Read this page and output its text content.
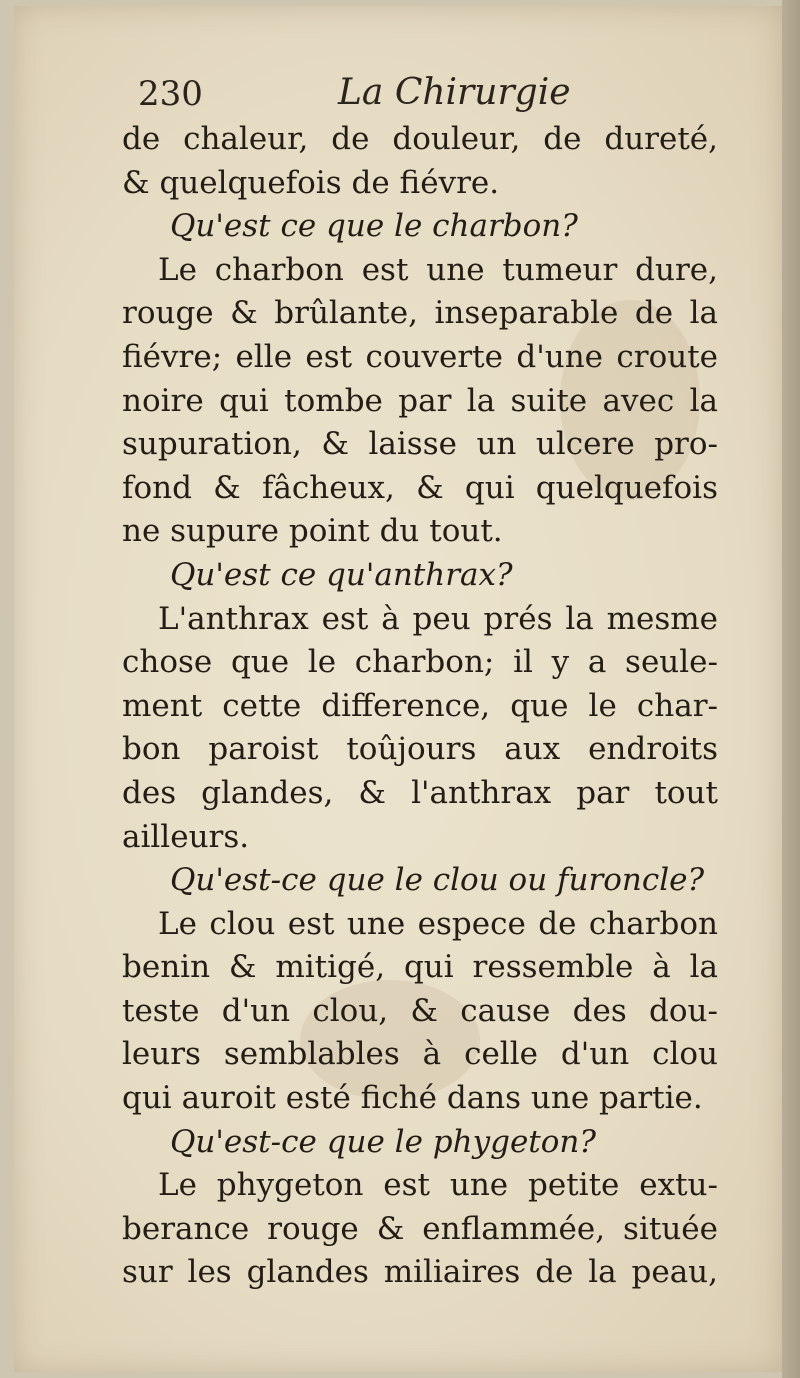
230	La Chirurgie
de chaleur, de douleur, de dureté,
& quelquefois de fiévre.
Qu'est ce que le charbon?
Le charbon est une tumeur dure,
rouge & brûlante, inseparable de la
fiévre; elle est couverte d'une croute
noire qui tombe par la suite avec la
supuration, & laisse un ulcere pro-
fond & fâcheux, & qui quelquefois
ne supure point du tout.
Qu'est ce qu'anthrax?
L'anthrax est à peu prés la mesme
chose que le charbon; il y a seule-
ment cette difference, que le char-
bon paroist toûjours aux endroits
des glandes, & l'anthrax par tout
ailleurs.
Qu'est-ce que le clou ou furoncle?
Le clou est une espece de charbon
benin & mitigé, qui ressemble à la
teste d'un clou, & cause des dou-
leurs semblables à celle d'un clou
qui auroit esté fiché dans une partie.
Qu'est-ce que le phygeton?
Le phygeton est une petite extu-
berance rouge & enflammée, située
sur les glandes miliaires de la peau,
